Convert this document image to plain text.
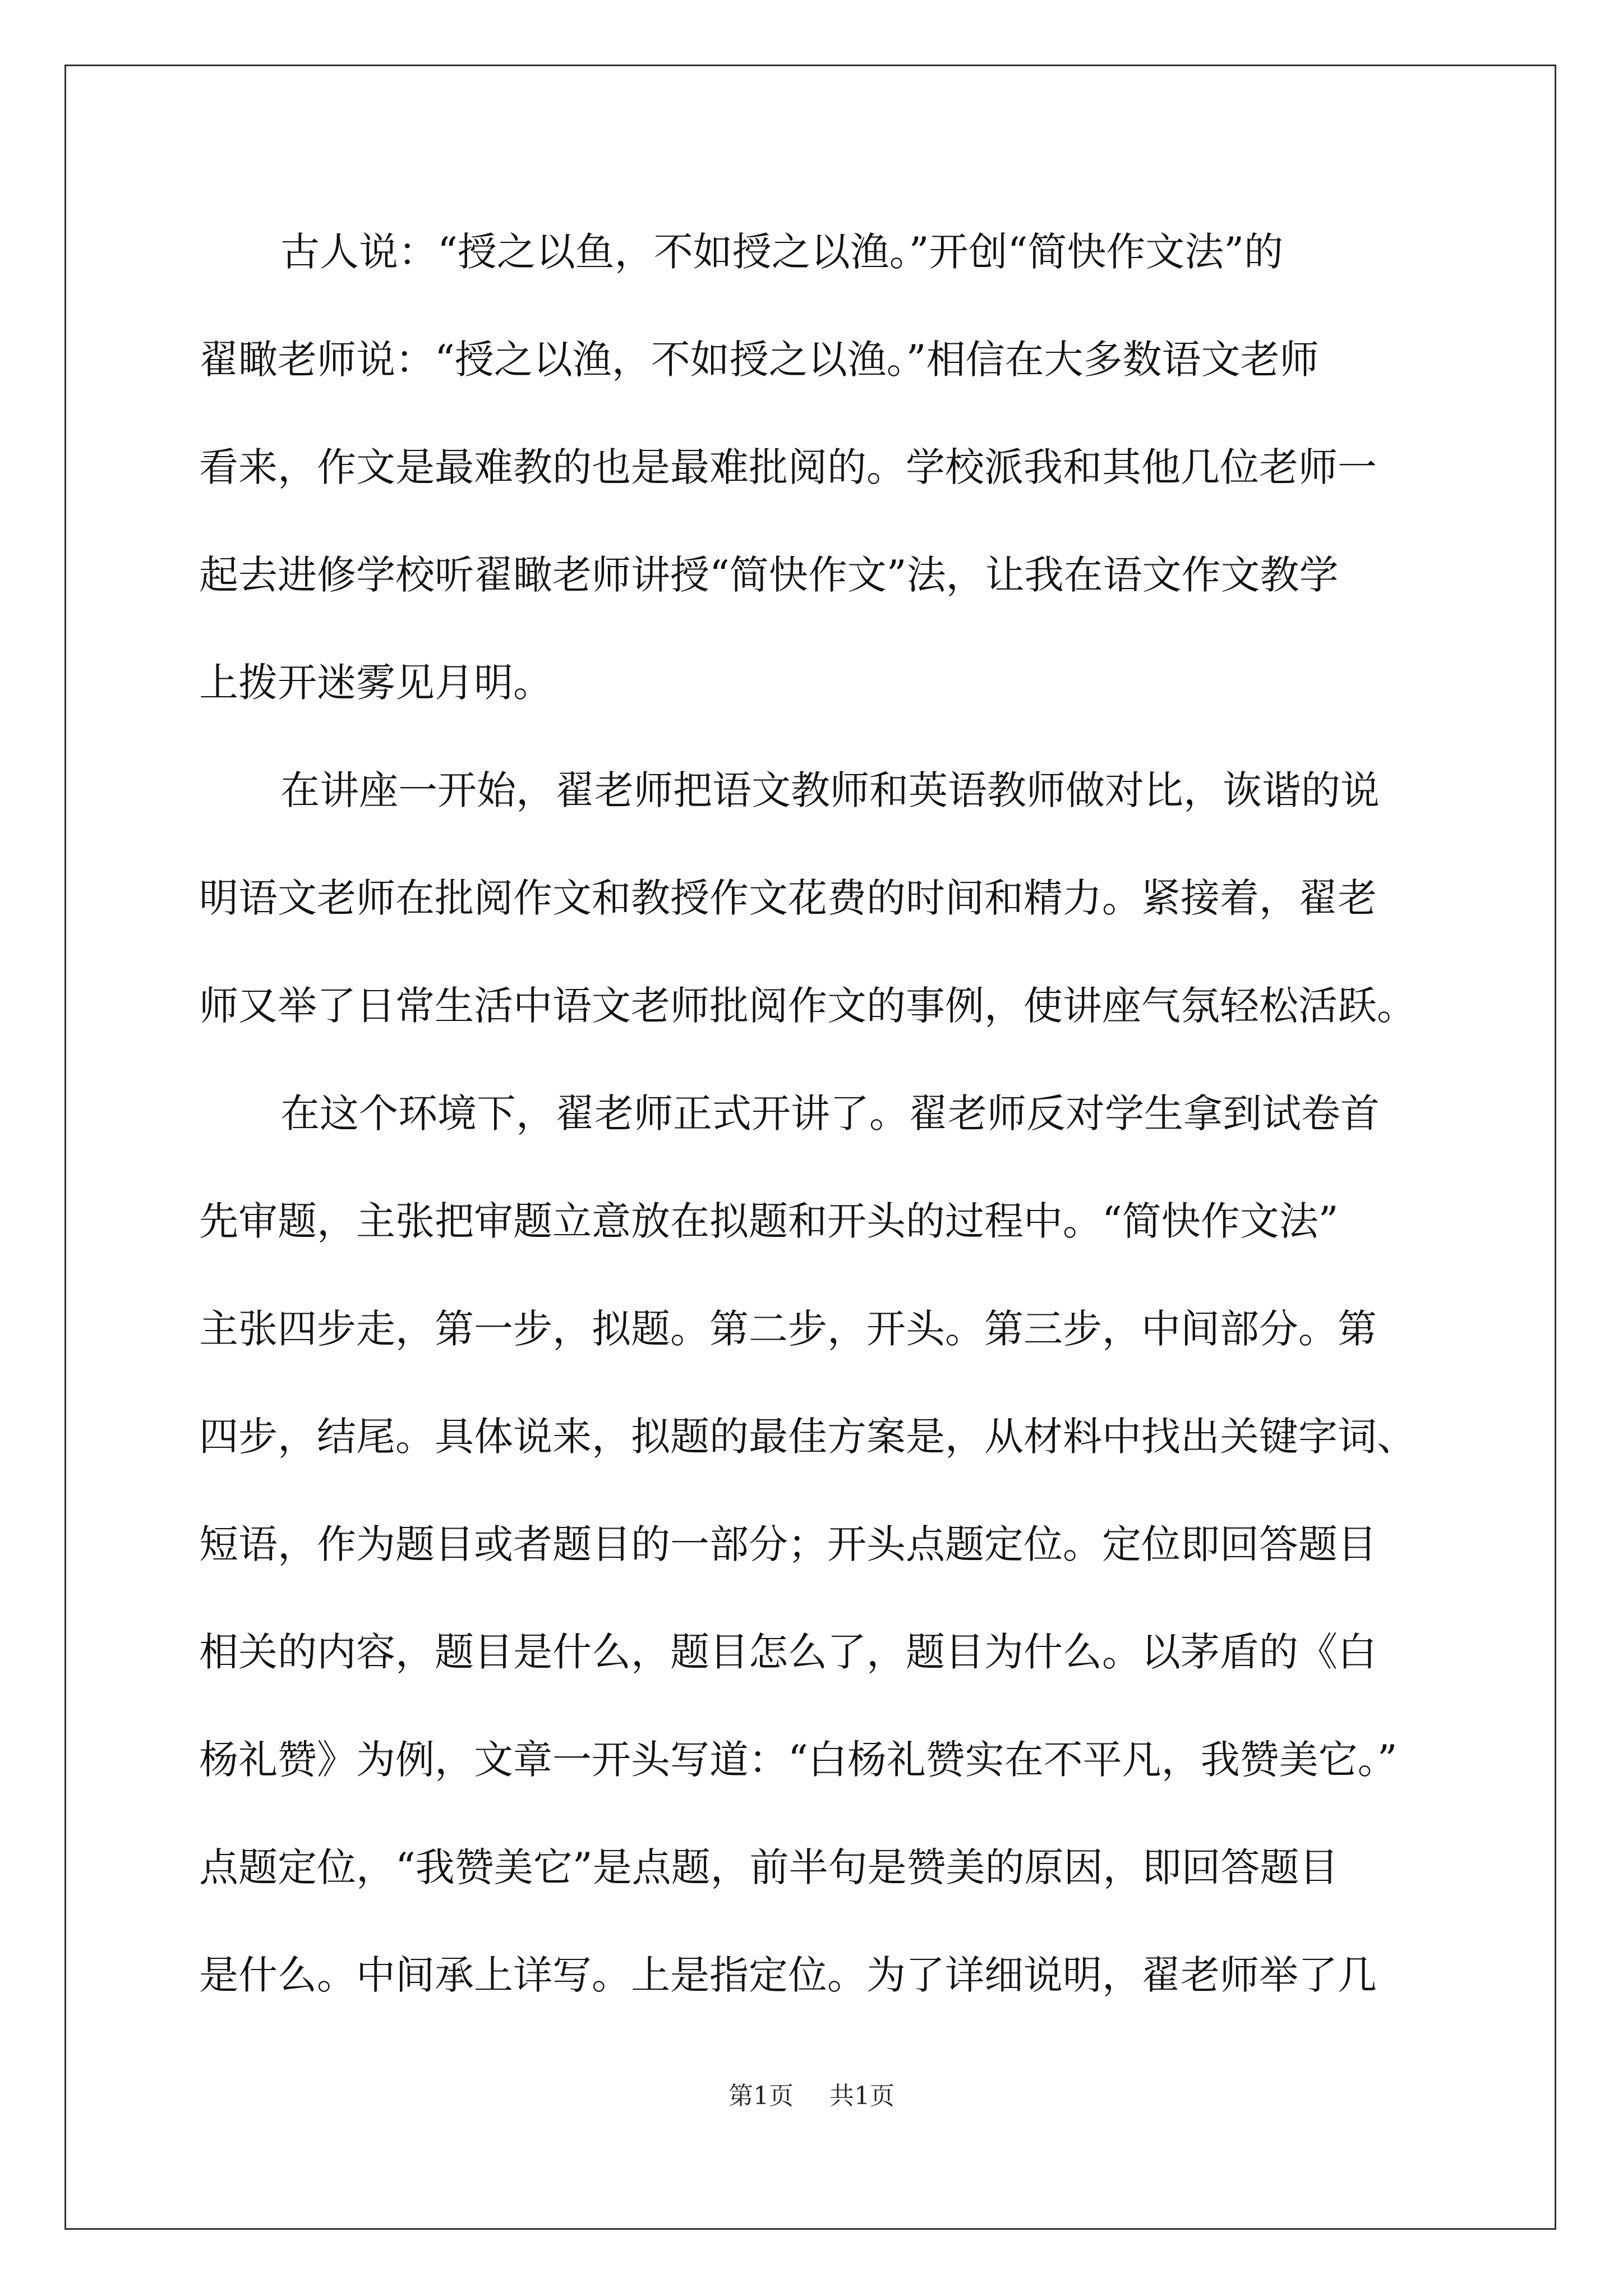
古人说：“授之以鱼，不如授之以渔。”开创“简快作文法”的
翟瞰老师说：“授之以渔，不如授之以渔。”相信在大多数语文老师
看来，作文是最难教的也是最难批阅的。学校派我和其他几位老师一
起去进修学校听翟瞰老师讲授“简快作文”法，让我在语文作文教学
上拨开迷雾见月明。
在讲座一开始，翟老师把语文教师和英语教师做对比，诙谐的说
明语文老师在批阅作文和教授作文花费的时间和精力。紧接着，翟老
师又举了日常生活中语文老师批阅作文的事例，使讲座气氛轻松活跃。
在这个环境下，翟老师正式开讲了。翟老师反对学生拿到试卷首
先审题，主张把审题立意放在拟题和开头的过程中。“简快作文法”
主张四步走，第一步，拟题。第二步，开头。第三步，中间部分。第
四步，结尾。具体说来，拟题的最佳方案是，从材料中找出关键字词、
短语，作为题目或者题目的一部分；开头点题定位。定位即回答题目
相关的内容，题目是什么，题目怎么了，题目为什么。以茅盾的《白
杨礼赞》为例，文章一开头写道：“白杨礼赞实在不平凡，我赞美它。”
点题定位，“我赞美它”是点题，前半句是赞美的原因，即回答题目
是什么。中间承上详写。上是指定位。为了详细说明，翟老师举了几
第1页 共1页
